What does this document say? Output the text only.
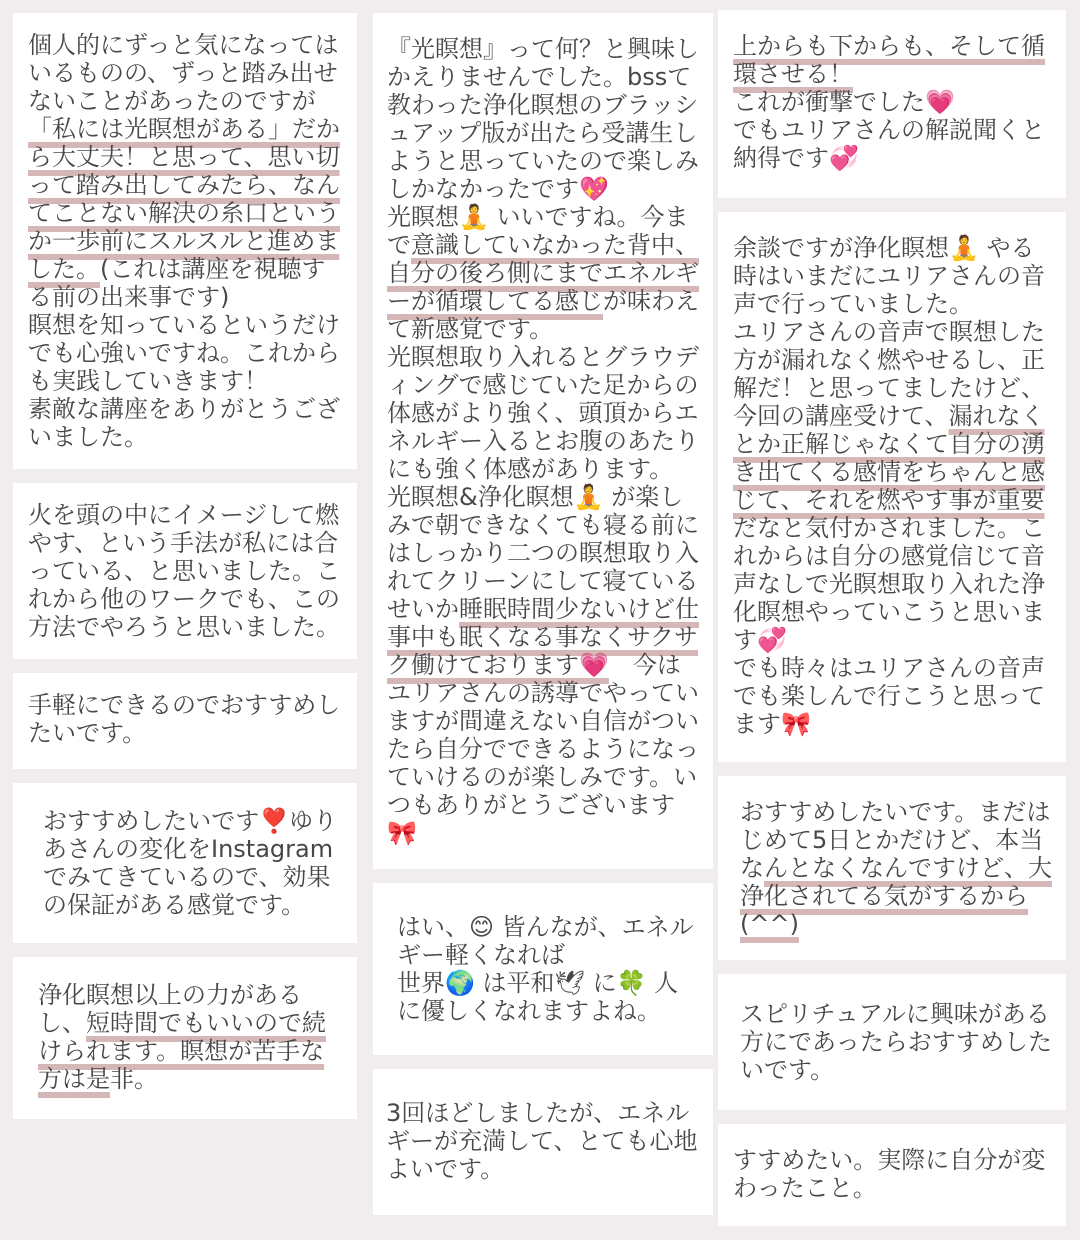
個人的にずっと気になってはいるものの、ずっと踏み出せないことがあったのですが
「私には光瞑想がある」だから大丈夫！と思って、思い切って踏み出してみたら、なんてことない解決の糸口というか一歩前にスルスルと進めました。(これは講座を視聴する前の出来事です)
瞑想を知っているというだけでも心強いですね。これからも実践していきます！
素敵な講座をありがとうございました。
火を頭の中にイメージして燃やす、という手法が私には合っている、と思いました。これから他のワークでも、この方法でやろうと思いました。
手軽にできるのでおすすめしたいです。
おすすめしたいです❣️ゆりあさんの変化をInstagramでみてきているので、効果の保証がある感覚です。
浄化瞑想以上の力があるし、短時間でもいいので続けられます。瞑想が苦手な方は是非。
『光瞑想』って何？と興味しかえりませんでした。bssて教わった浄化瞑想のブラッシュアップ版が出たら受講生しようと思っていたので楽しみしかなかったです💖
光瞑想🧘 いいですね。今まで意識していなかった背中、自分の後ろ側にまでエネルギーが循環してる感じが味わえて新感覚です。
光瞑想取り入れるとグラウディングで感じていた足からの体感がより強く、頭頂からエネルギー入るとお腹のあたりにも強く体感があります。
光瞑想&浄化瞑想🧘 が楽しみで朝できなくても寝る前にはしっかり二つの瞑想取り入れてクリーンにして寝ているせいか睡眠時間少ないけど仕事中も眠くなる事なくサクサク働けております💗　今はユリアさんの誘導でやっていますが間違えない自信がついたら自分でできるようになっていけるのが楽しみです。いつもありがとうございます🎀
はい、😊 皆んなが、エネルギー軽くなれば
世界🌍 は平和🕊 に🍀 人に優しくなれますよね。
3回ほどしましたが、エネルギーが充満して、とても心地よいです。
上からも下からも、そして循環させる！
これが衝撃でした💗
でもユリアさんの解説聞くと納得です💞
余談ですが浄化瞑想🧘 やる時はいまだにユリアさんの音声で行っていました。
ユリアさんの音声で瞑想した方が漏れなく燃やせるし、正解だ！と思ってましたけど、今回の講座受けて、漏れなくとか正解じゃなくて自分の湧き出てくる感情をちゃんと感じて、それを燃やす事が重要だなと気付かされました。これからは自分の感覚信じて音声なしで光瞑想取り入れた浄化瞑想やっていこうと思います💞
でも時々はユリアさんの音声でも楽しんで行こうと思ってます🎀
おすすめしたいです。まだはじめて5日とかだけど、本当なんとなくなんですけど、大浄化されてる気がするから(^^)
スピリチュアルに興味がある方にであったらおすすめしたいです。
すすめたい。実際に自分が変わったこと。
